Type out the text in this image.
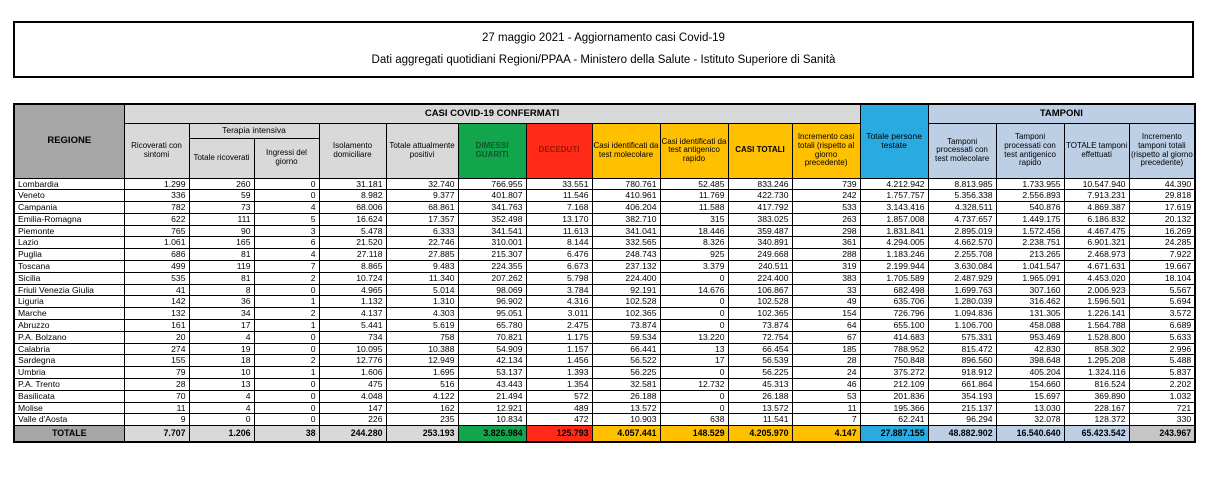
27 maggio 2021 - Aggiornamento casi Covid-19
Dati aggregati quotidiani Regioni/PPAA - Ministero della Salute - Istituto Superiore di Sanità
REGIONE	CASI COVID-19 CONFERMATI											Totale persone testate	TAMPONI			
	Ricoverati con sintomi	Terapia intensiva		Isolamento domiciliare	Totale attualmente positivi	DIMESSI GUARITI	DECEDUTI	Casi identificati da test molecolare	Casi identificati da test antigenico rapido	CASI TOTALI	Incremento casi totali (rispetto al giorno precedente)		Tamponi processati con test molecolare	Tamponi processati con test antigenico rapido	TOTALE tamponi effettuati	Incremento tamponi totali (rispetto al giorno precedente)
		Totale ricoverati	Ingressi del giorno													
Lombardia	1.299	260	0	31.181	32.740	766.955	33.551	780.761	52.485	833.246	739	4.212.942	8.813.985	1.733.955	10.547.940	44.390
Veneto	336	59	0	8.982	9.377	401.807	11.546	410.961	11.769	422.730	242	1.757.757	5.356.338	2.556.893	7.913.231	29.818
Campania	782	73	4	68.006	68.861	341.763	7.168	406.204	11.588	417.792	533	3.143.416	4.328.511	540.876	4.869.387	17.619
Emilia-Romagna	622	111	5	16.624	17.357	352.498	13.170	382.710	315	383.025	263	1.857.008	4.737.657	1.449.175	6.186.832	20.132
Piemonte	765	90	3	5.478	6.333	341.541	11.613	341.041	18.446	359.487	298	1.831.841	2.895.019	1.572.456	4.467.475	16.269
Lazio	1.061	165	6	21.520	22.746	310.001	8.144	332.565	8.326	340.891	361	4.294.005	4.662.570	2.238.751	6.901.321	24.285
Puglia	686	81	4	27.118	27.885	215.307	6.476	248.743	925	249.668	288	1.183.246	2.255.708	213.265	2.468.973	7.922
Toscana	499	119	7	8.865	9.483	224.355	6.673	237.132	3.379	240.511	319	2.199.944	3.630.084	1.041.547	4.671.631	19.667
Sicilia	535	81	2	10.724	11.340	207.262	5.798	224.400	0	224.400	383	1.705.589	2.487.929	1.965.091	4.453.020	18.104
Friuli Venezia Giulia	41	8	0	4.965	5.014	98.069	3.784	92.191	14.676	106.867	33	682.498	1.699.763	307.160	2.006.923	5.567
Liguria	142	36	1	1.132	1.310	96.902	4.316	102.528	0	102.528	49	635.706	1.280.039	316.462	1.596.501	5.694
Marche	132	34	2	4.137	4.303	95.051	3.011	102.365	0	102.365	154	726.796	1.094.836	131.305	1.226.141	3.572
Abruzzo	161	17	1	5.441	5.619	65.780	2.475	73.874	0	73.874	64	655.100	1.106.700	458.088	1.564.788	6.689
P.A. Bolzano	20	4	0	734	758	70.821	1.175	59.534	13.220	72.754	67	414.683	575.331	953.469	1.528.800	5.633
Calabria	274	19	0	10.095	10.388	54.909	1.157	66.441	13	66.454	185	788.952	815.472	42.830	858.302	2.996
Sardegna	155	18	2	12.776	12.949	42.134	1.456	56.522	17	56.539	28	750.848	896.560	398.648	1.295.208	5.488
Umbria	79	10	1	1.606	1.695	53.137	1.393	56.225	0	56.225	24	375.272	918.912	405.204	1.324.116	5.837
P.A. Trento	28	13	0	475	516	43.443	1.354	32.581	12.732	45.313	46	212.109	661.864	154.660	816.524	2.202
Basilicata	70	4	0	4.048	4.122	21.494	572	26.188	0	26.188	53	201.836	354.193	15.697	369.890	1.032
Molise	11	4	0	147	162	12.921	489	13.572	0	13.572	11	195.366	215.137	13.030	228.167	721
Valle d'Aosta	9	0	0	226	235	10.834	472	10.903	638	11.541	7	62.241	96.294	32.078	128.372	330
TOTALE	7.707	1.206	38	244.280	253.193	3.826.984	125.793	4.057.441	148.529	4.205.970	4.147	27.887.155	48.882.902	16.540.640	65.423.542	243.967
